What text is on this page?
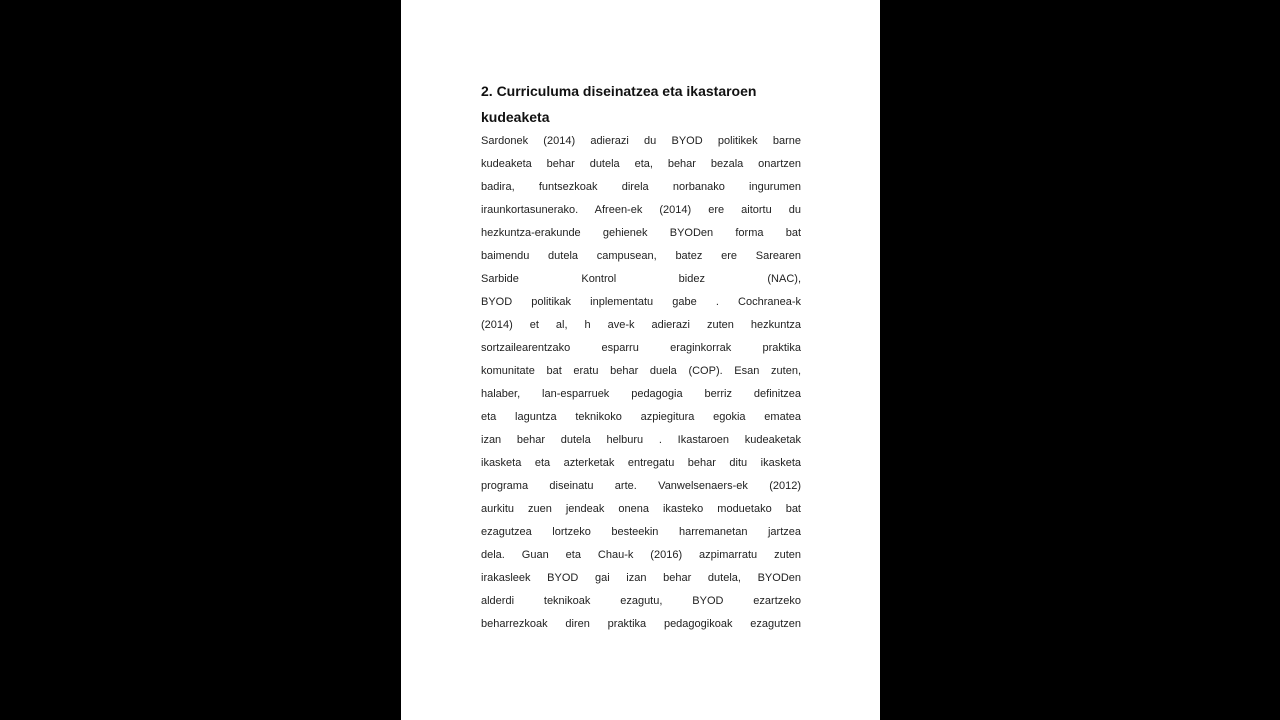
2. Curriculuma diseinatzea eta ikastaroen
kudeaketa

Sardonek (2014) adierazi du BYOD politikek barne
kudeaketa behar dutela eta, behar bezala onartzen
badira, funtsezkoak direla norbanako ingurumen
iraunkortasunerako. Afreen-ek (2014) ere aitortu du
hezkuntza-erakunde gehienek BYODen forma bat
baimendu dutela campusean, batez ere Sarearen
Sarbide Kontrol bidez (NAC),
BYOD politikak inplementatu gabe . Cochranea-k
(2014) et al, h ave-k adierazi zuten hezkuntza
sortzailearentzako esparru eraginkorrak praktika
komunitate bat eratu behar duela (COP). Esan zuten,
halaber, lan-esparruek pedagogia berriz definitzea
eta laguntza teknikoko azpiegitura egokia ematea
izan behar dutela helburu . Ikastaroen kudeaketak
ikasketa eta azterketak entregatu behar ditu ikasketa
programa diseinatu arte. Vanwelsenaers-ek (2012)
aurkitu zuen jendeak onena ikasteko moduetako bat
ezagutzea lortzeko besteekin harremanetan jartzea
dela. Guan eta Chau-k (2016) azpimarratu zuten
irakasleek BYOD gai izan behar dutela, BYODen
alderdi teknikoak ezagutu, BYOD ezartzeko
beharrezkoak diren praktika pedagogikoak ezagutzen
